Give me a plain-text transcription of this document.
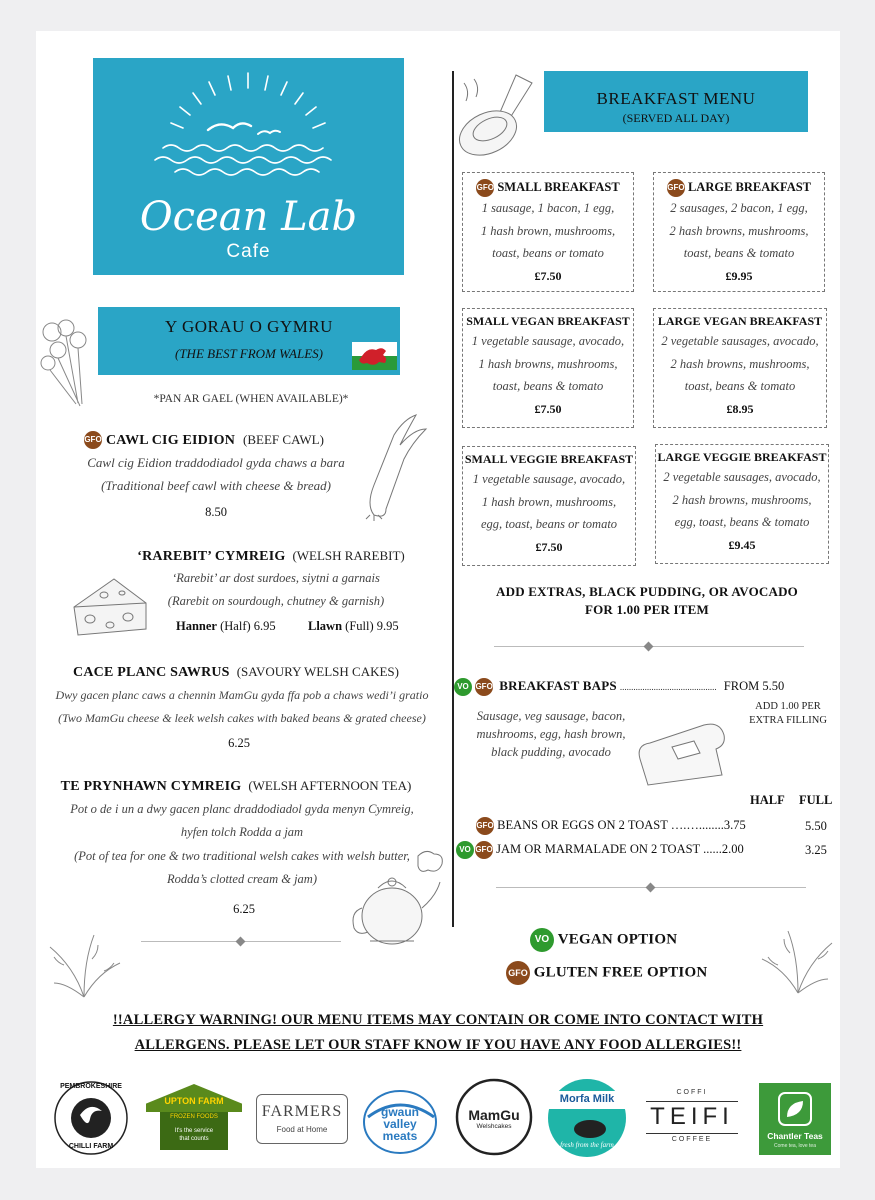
Ocean Lab
Cafe
Y GORAU O GYMRU
(THE BEST FROM WALES)
*PAN AR GAEL (WHEN AVAILABLE)*
GFO CAWL CIG EIDION (BEEF CAWL)
Cawl cig Eidion traddodiadol gyda chaws a bara
(Traditional beef cawl with cheese & bread)
8.50
‘RAREBIT’ CYMREIG (WELSH RAREBIT)
‘Rarebit’ ar dost surdoes, siytni a garnais
(Rarebit on sourdough, chutney & garnish)
Hanner (Half) 6.95	Llawn (Full) 9.95
CACE PLANC SAWRUS (SAVOURY WELSH CAKES)
Dwy gacen planc caws a chennin MamGu gyda ffa pob a chaws wedi’i gratio
(Two MamGu cheese & leek welsh cakes with baked beans & grated cheese)
6.25
TE PRYNHAWN CYMREIG (WELSH AFTERNOON TEA)
Pot o de i un a dwy gacen planc draddodiadol gyda menyn Cymreig,
hyfen tolch Rodda a jam
(Pot of tea for one & two traditional welsh cakes with welsh butter,
Rodda’s clotted cream & jam)
6.25
BREAKFAST MENU
(SERVED ALL DAY)
GFO SMALL BREAKFAST
1 sausage, 1 bacon, 1 egg,
1 hash brown, mushrooms,
toast, beans or tomato
£7.50
GFO LARGE BREAKFAST
2 sausages, 2 bacon, 1 egg,
2 hash browns, mushrooms,
toast, beans & tomato
£9.95
SMALL VEGAN BREAKFAST
1 vegetable sausage, avocado,
1 hash browns, mushrooms,
toast, beans & tomato
£7.50
LARGE VEGAN BREAKFAST
2 vegetable sausages, avocado,
2 hash browns, mushrooms,
toast, beans & tomato
£8.95
SMALL VEGGIE BREAKFAST
1 vegetable sausage, avocado,
1 hash brown, mushrooms,
egg, toast, beans or tomato
£7.50
LARGE VEGGIE BREAKFAST
2 vegetable sausages, avocado,
2 hash browns, mushrooms,
egg, toast, beans & tomato
£9.45
ADD EXTRAS, BLACK PUDDING, OR AVOCADO
FOR 1.00 PER ITEM
VO GFO BREAKFAST BAPS ........................................... FROM 5.50
ADD 1.00 PER
EXTRA FILLING
Sausage, veg sausage, bacon,
mushrooms, egg, hash brown,
black pudding, avocado
HALF FULL
GFO BEANS OR EGGS ON 2 TOAST ….…........3.75	5.50
VO GFO JAM OR MARMALADE ON 2 TOAST ......2.00	3.25
VO VEGAN OPTION
GFO GLUTEN FREE OPTION
!!ALLERGY WARNING! OUR MENU ITEMS MAY CONTAIN OR COME INTO CONTACT WITH
ALLERGENS. PLEASE LET OUR STAFF KNOW IF YOU HAVE ANY FOOD ALLERGIES!!
PEMBROKESHIRE
CHILLI FARM
UPTON FARM
FROZEN FOODS
It's the service
that counts
FARMERS
Food at Home
gwaun
valley
meats
MamGu
Welshcakes
Morfa Milk
fresh from the farm
COFFI
TEIFI
COFFEE	Chantler Teas
Come tea, love tea
